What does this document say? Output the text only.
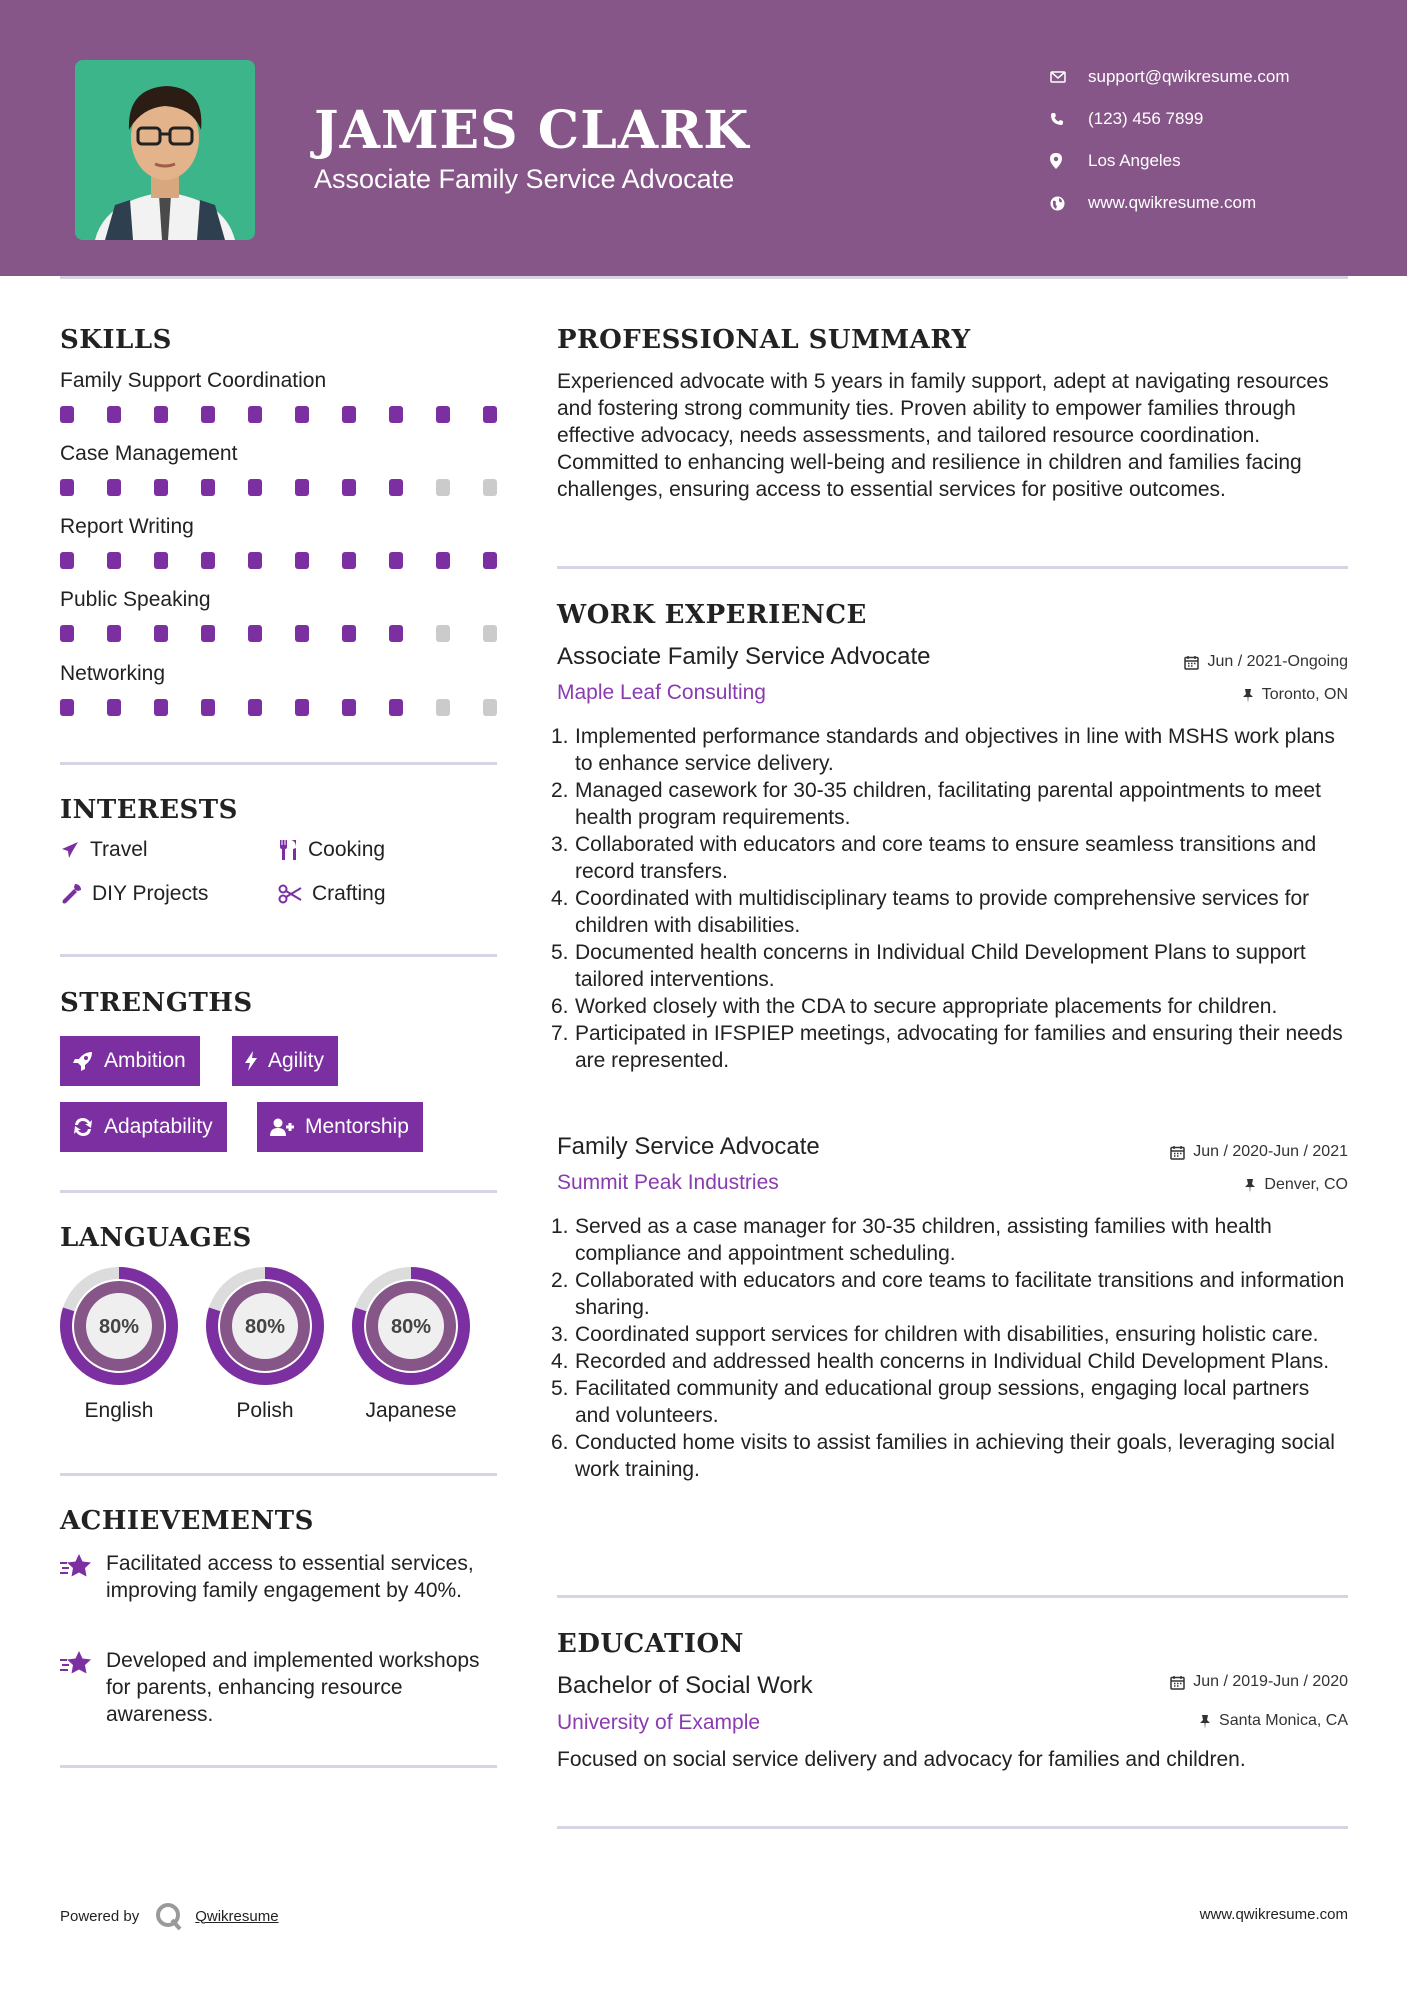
JAMES CLARK
Associate Family Service Advocate
support@qwikresume.com
(123) 456 7899
Los Angeles
www.qwikresume.com
SKILLS
Family Support Coordination
Case Management
Report Writing
Public Speaking
Networking
INTERESTS
Travel	Cooking
DIY Projects	Crafting
STRENGTHS
Ambition	Agility
Adaptability	Mentorship
LANGUAGES
80%
English
80%
Polish
80%
Japanese
ACHIEVEMENTS
Facilitated access to essential services, improving family engagement by 40%.
Developed and implemented workshops for parents, enhancing resource awareness.
PROFESSIONAL SUMMARY
Experienced advocate with 5 years in family support, adept at navigating resources and fostering strong community ties. Proven ability to empower families through effective advocacy, needs assessments, and tailored resource coordination. Committed to enhancing well-being and resilience in children and families facing challenges, ensuring access to essential services for positive outcomes.
WORK EXPERIENCE
Associate Family Service Advocate	Jun / 2021-Ongoing
Maple Leaf Consulting	Toronto, ON
1. Implemented performance standards and objectives in line with MSHS work plans to enhance service delivery.
2. Managed casework for 30-35 children, facilitating parental appointments to meet health program requirements.
3. Collaborated with educators and core teams to ensure seamless transitions and record transfers.
4. Coordinated with multidisciplinary teams to provide comprehensive services for children with disabilities.
5. Documented health concerns in Individual Child Development Plans to support tailored interventions.
6. Worked closely with the CDA to secure appropriate placements for children.
7. Participated in IFSPIEP meetings, advocating for families and ensuring their needs are represented.
Family Service Advocate	Jun / 2020-Jun / 2021
Summit Peak Industries	Denver, CO
1. Served as a case manager for 30-35 children, assisting families with health compliance and appointment scheduling.
2. Collaborated with educators and core teams to facilitate transitions and information sharing.
3. Coordinated support services for children with disabilities, ensuring holistic care.
4. Recorded and addressed health concerns in Individual Child Development Plans.
5. Facilitated community and educational group sessions, engaging local partners and volunteers.
6. Conducted home visits to assist families in achieving their goals, leveraging social work training.
EDUCATION
Bachelor of Social Work	Jun / 2019-Jun / 2020
University of Example	Santa Monica, CA
Focused on social service delivery and advocacy for families and children.
Powered by	Qwikresume	www.qwikresume.com
